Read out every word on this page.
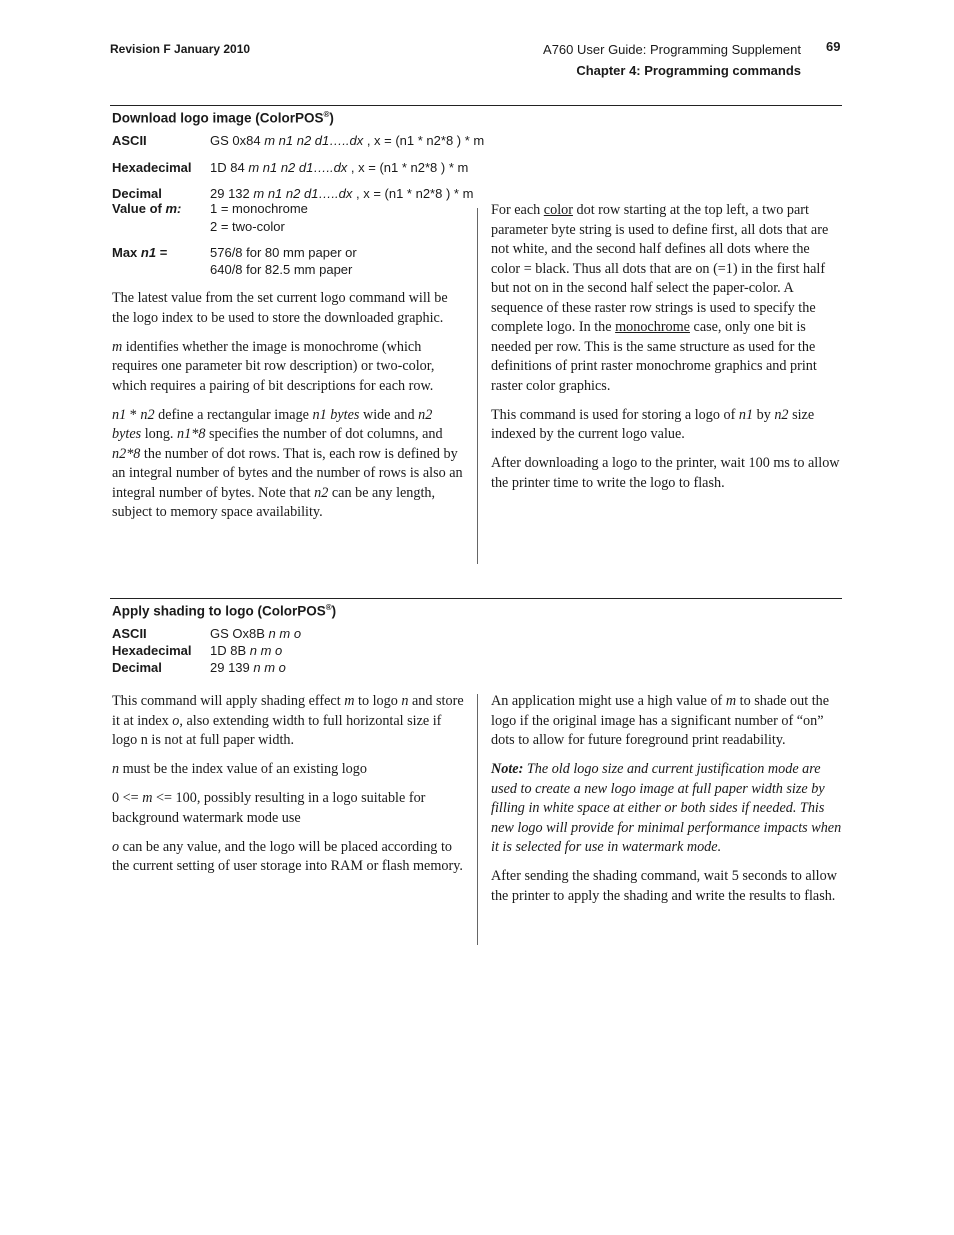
Revision F January 2010	A760 User Guide: Programming Supplement
Chapter 4: Programming commands
69
Download logo image (ColorPOS®)
ASCII	GS 0x84 m n1 n2 d1…..dx , x = (n1 * n2*8 ) * m
Hexadecimal 1D 84 m n1 n2 d1…..dx , x = (n1 * n2*8 ) * m
Decimal	29 132 m n1 n2 d1…..dx , x = (n1 * n2*8 ) * m
Value of m: 1 = monochrome
2 = two-color
Max n1 =	576/8 for 80 mm paper or
640/8 for 82.5 mm paper

The latest value from the set current logo command will be the logo index to be used to store the downloaded graphic.

m identifies whether the image is monochrome (which requires one parameter bit row description) or two-color, which requires a pairing of bit descriptions for each row.

n1 * n2 define a rectangular image n1 bytes wide and n2 bytes long. n1*8 specifies the number of dot columns, and n2*8 the number of dot rows. That is, each row is defined by an integral number of bytes and the number of rows is also an integral number of bytes. Note that n2 can be any length, subject to memory space availability.

For each color dot row starting at the top left, a two part parameter byte string is used to define first, all dots that are not white, and the second half defines all dots where the color = black. Thus all dots that are on (=1) in the first half but not on in the second half select the paper-color. A sequence of these raster row strings is used to specify the complete logo. In the monochrome case, only one bit is needed per row. This is the same structure as used for the definitions of print raster monochrome graphics and print raster color graphics.

This command is used for storing a logo of n1 by n2 size indexed by the current logo value.

After downloading a logo to the printer, wait 100 ms to allow the printer time to write the logo to flash.

Apply shading to logo (ColorPOS®)
ASCII	GS Ox8B n m o
Hexadecimal 1D 8B n m o
Decimal	29 139 n m o

This command will apply shading effect m to logo n and store it at index o, also extending width to full horizontal size if logo n is not at full paper width.

n must be the index value of an existing logo

0 <= m <= 100, possibly resulting in a logo suitable for background watermark mode use

o can be any value, and the logo will be placed according to the current setting of user storage into RAM or flash memory.

An application might use a high value of m to shade out the logo if the original image has a significant number of “on” dots to allow for future foreground print readability.

Note: The old logo size and current justification mode are used to create a new logo image at full paper width size by filling in white space at either or both sides if needed. This new logo will provide for minimal performance impacts when it is selected for use in watermark mode.

After sending the shading command, wait 5 seconds to allow the printer to apply the shading and write the results to flash.
